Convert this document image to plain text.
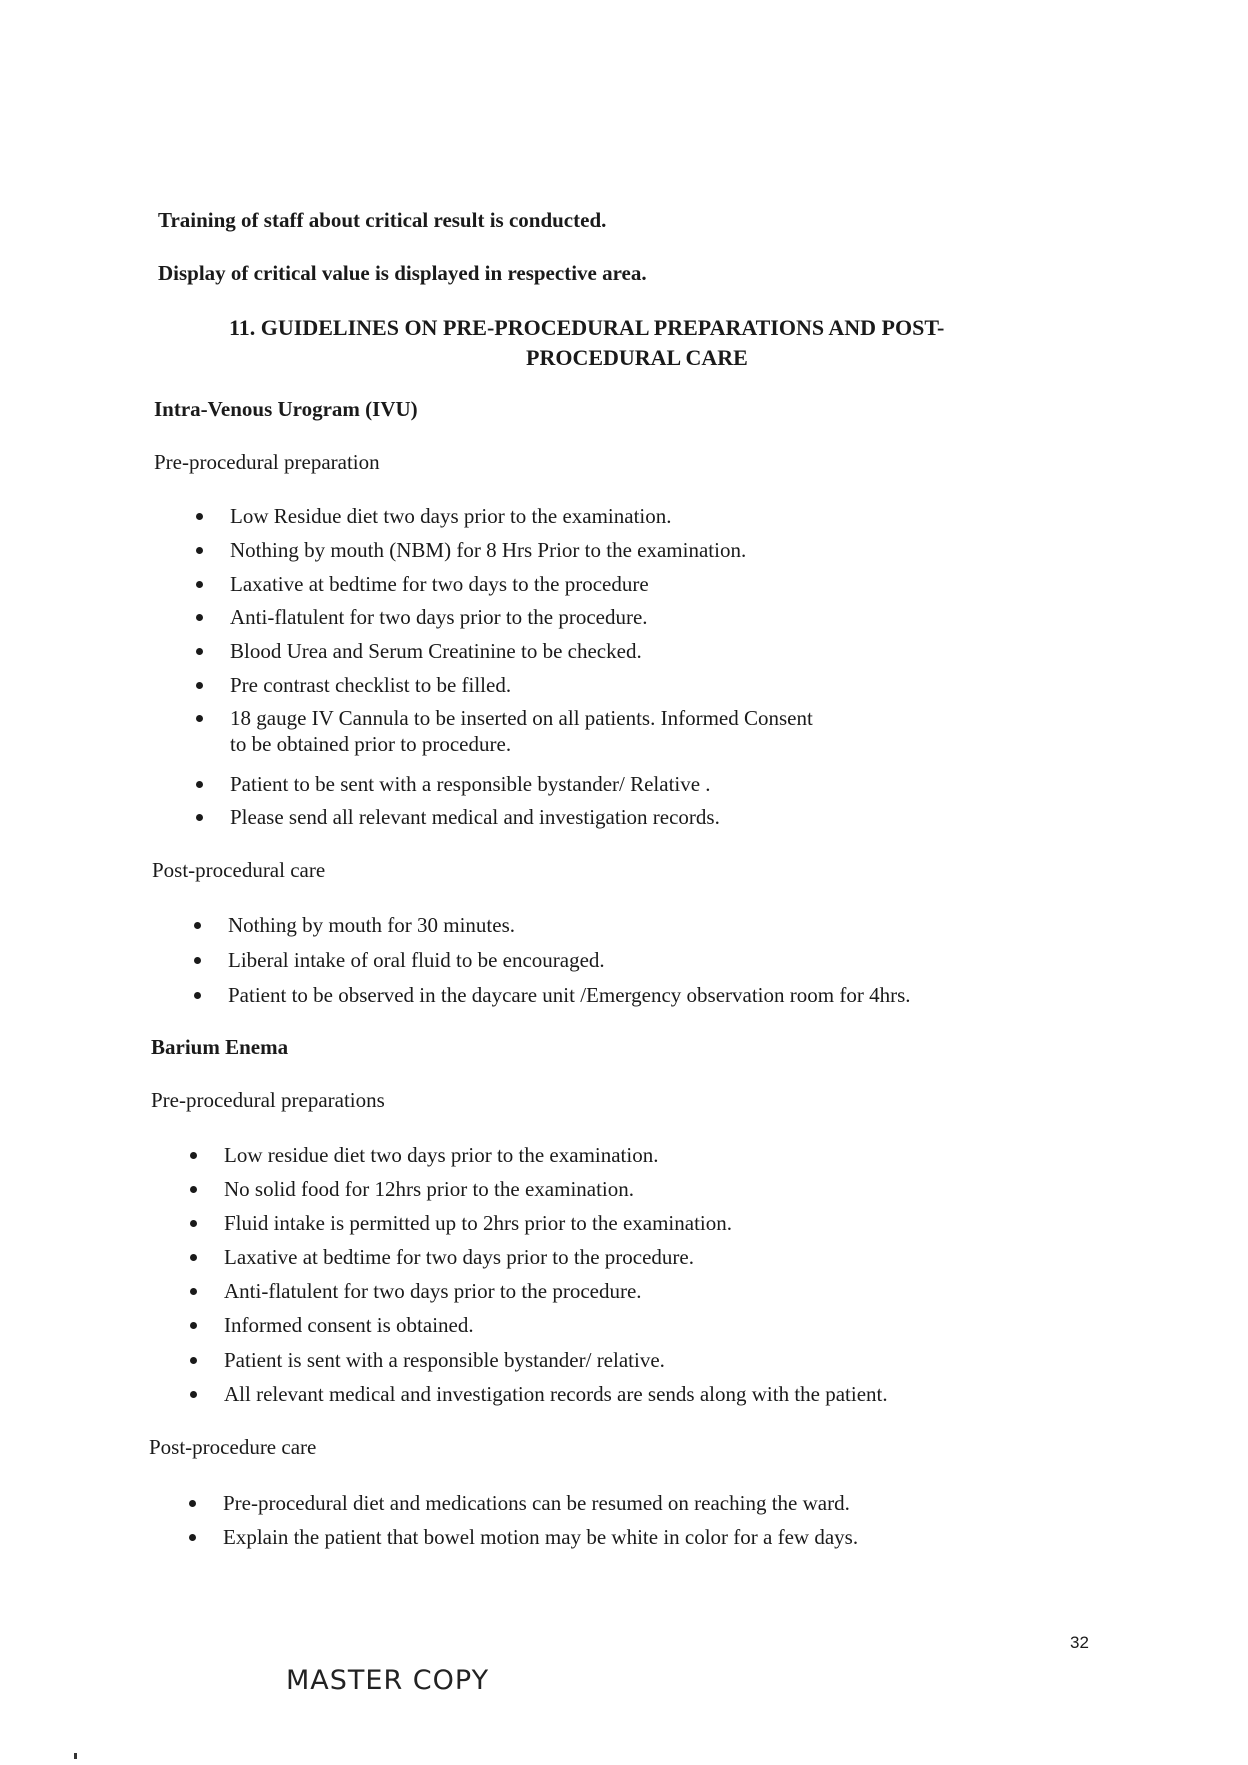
Training of staff about critical result is conducted.
Display of critical value is displayed in respective area.
11. GUIDELINES ON PRE-PROCEDURAL PREPARATIONS AND POST-
PROCEDURAL CARE
Intra-Venous Urogram (IVU)
Pre-procedural preparation
Low Residue diet two days prior to the examination.
Nothing by mouth (NBM) for 8 Hrs Prior to the examination.
Laxative at bedtime for two days to the procedure
Anti-flatulent for two days prior to the procedure.
Blood Urea and Serum Creatinine to be checked.
Pre contrast checklist to be filled.
18 gauge IV Cannula to be inserted on all patients. Informed Consent
to be obtained prior to procedure.
Patient to be sent with a responsible bystander/ Relative .
Please send all relevant medical and investigation records.
Post-procedural care
Nothing by mouth for 30 minutes.
Liberal intake of oral fluid to be encouraged.
Patient to be observed in the daycare unit /Emergency observation room for 4hrs.
Barium Enema
Pre-procedural preparations
Low residue diet two days prior to the examination.
No solid food for 12hrs prior to the examination.
Fluid intake is permitted up to 2hrs prior to the examination.
Laxative at bedtime for two days prior to the procedure.
Anti-flatulent for two days prior to the procedure.
Informed consent is obtained.
Patient is sent with a responsible bystander/ relative.
All relevant medical and investigation records are sends along with the patient.
Post-procedure care
Pre-procedural diet and medications can be resumed on reaching the ward.
Explain the patient that bowel motion may be white in color for a few days.
32
MASTER COPY
